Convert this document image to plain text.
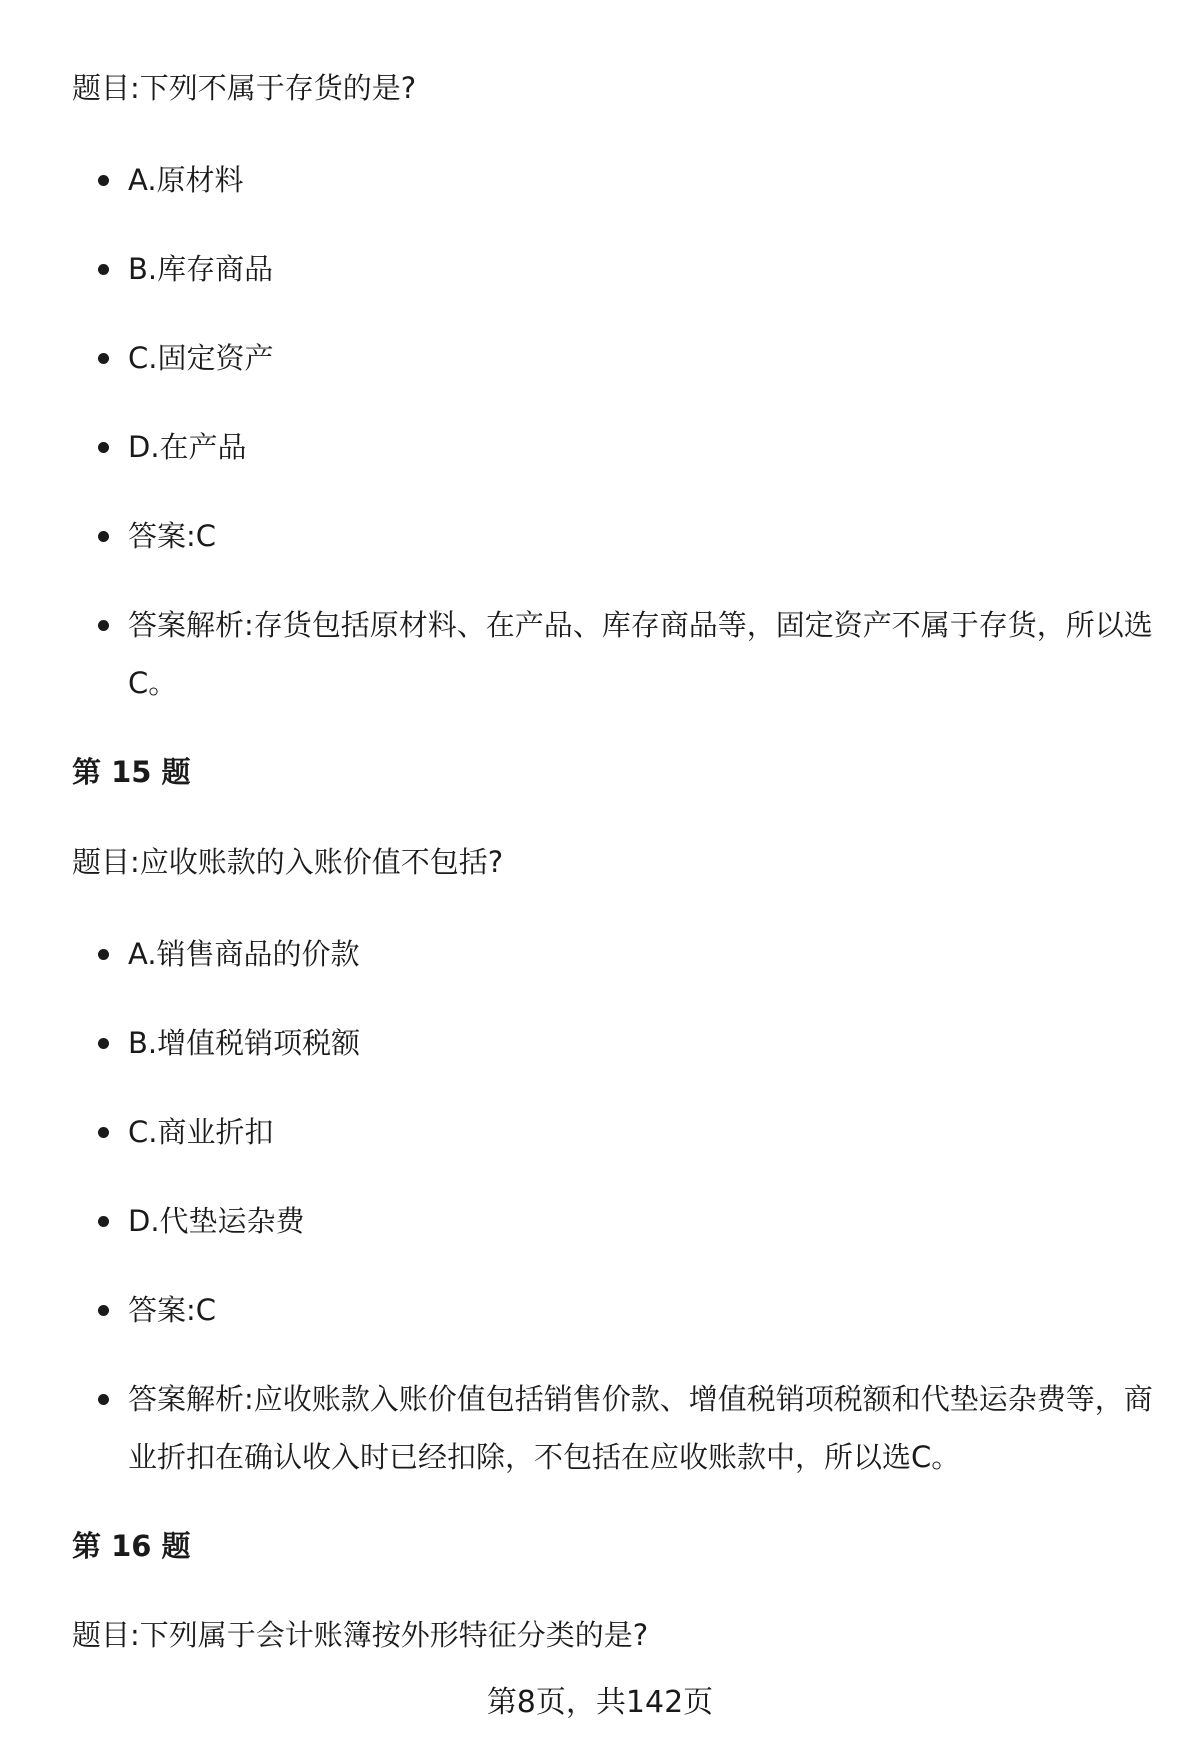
题目:下列不属于存货的是?

A.原材料
B.库存商品
C.固定资产
D.在产品
答案:C
答案解析:存货包括原材料、在产品、库存商品等，固定资产不属于存货，所以选C。
第 15 题

题目:应收账款的入账价值不包括?

A.销售商品的价款
B.增值税销项税额
C.商业折扣
D.代垫运杂费
答案:C
答案解析:应收账款入账价值包括销售价款、增值税销项税额和代垫运杂费等，商业折扣在确认收入时已经扣除，不包括在应收账款中，所以选C。
第 16 题

题目:下列属于会计账簿按外形特征分类的是?

第8页，共142页
